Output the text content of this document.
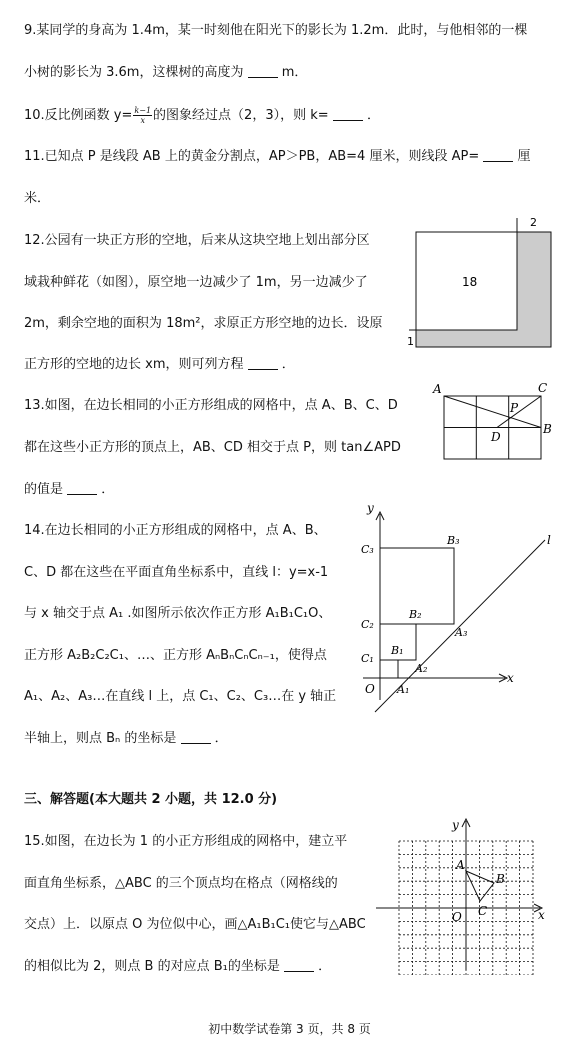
9.某同学的身高为 1.4m，某一时刻他在阳光下的影长为 1.2m．此时，与他相邻的一棵
小树的影长为 3.6m，这棵树的高度为	m．
10.反比例函数 $y= \frac{k-1}{x}$ 的图象经过点（2，3），则 k=	．
11.已知点 P 是线段 AB 上的黄金分割点，AP＞PB，AB=4 厘米，则线段 AP=	厘
米．
12.公园有一块正方形的空地，后来从这块空地上划出部分区
域栽种鲜花（如图），原空地一边减少了 1m，另一边减少了
2m，剩余空地的面积为 18m²，求原正方形空地的边长．设原
正方形的空地的边长 xm，则可列方程	．
18
2
1
13.如图，在边长相同的小正方形组成的网格中，点 A、B、C、D
都在这些小正方形的顶点上，AB、CD 相交于点 P，则 tan∠APD
的值是	．
A	C
P
B
D
14.在边长相同的小正方形组成的网格中，点 A、B、
C、D 都在这些在平面直角坐标系中，直线 l：y=x-1
与 x 轴交于点 A₁ .如图所示依次作正方形 A₁B₁C₁O、
正方形 A₂B₂C₂C₁、…、正方形 AₙBₙCₙCₙ₋₁，使得点
A₁、A₂、A₃…在直线 l 上，点 C₁、C₂、C₃…在 y 轴正
半轴上，则点 Bₙ 的坐标是	．
y
x
l
O
C₃
C₂
C₁
B₃
B₂
B₁
A₃
A₂
A₁
三、解答题(本大题共 2 小题，共 12.0 分)
15.如图，在边长为 1 的小正方形组成的网格中，建立平
面直角坐标系，△ABC 的三个顶点均在格点（网格线的
交点）上．以原点 O 为位似中心，画△A₁B₁C₁使它与△ABC
的相似比为 2，则点 B 的对应点 B₁的坐标是	．
y
x
O
A
B
C
初中数学试卷第 3 页，共 8 页
